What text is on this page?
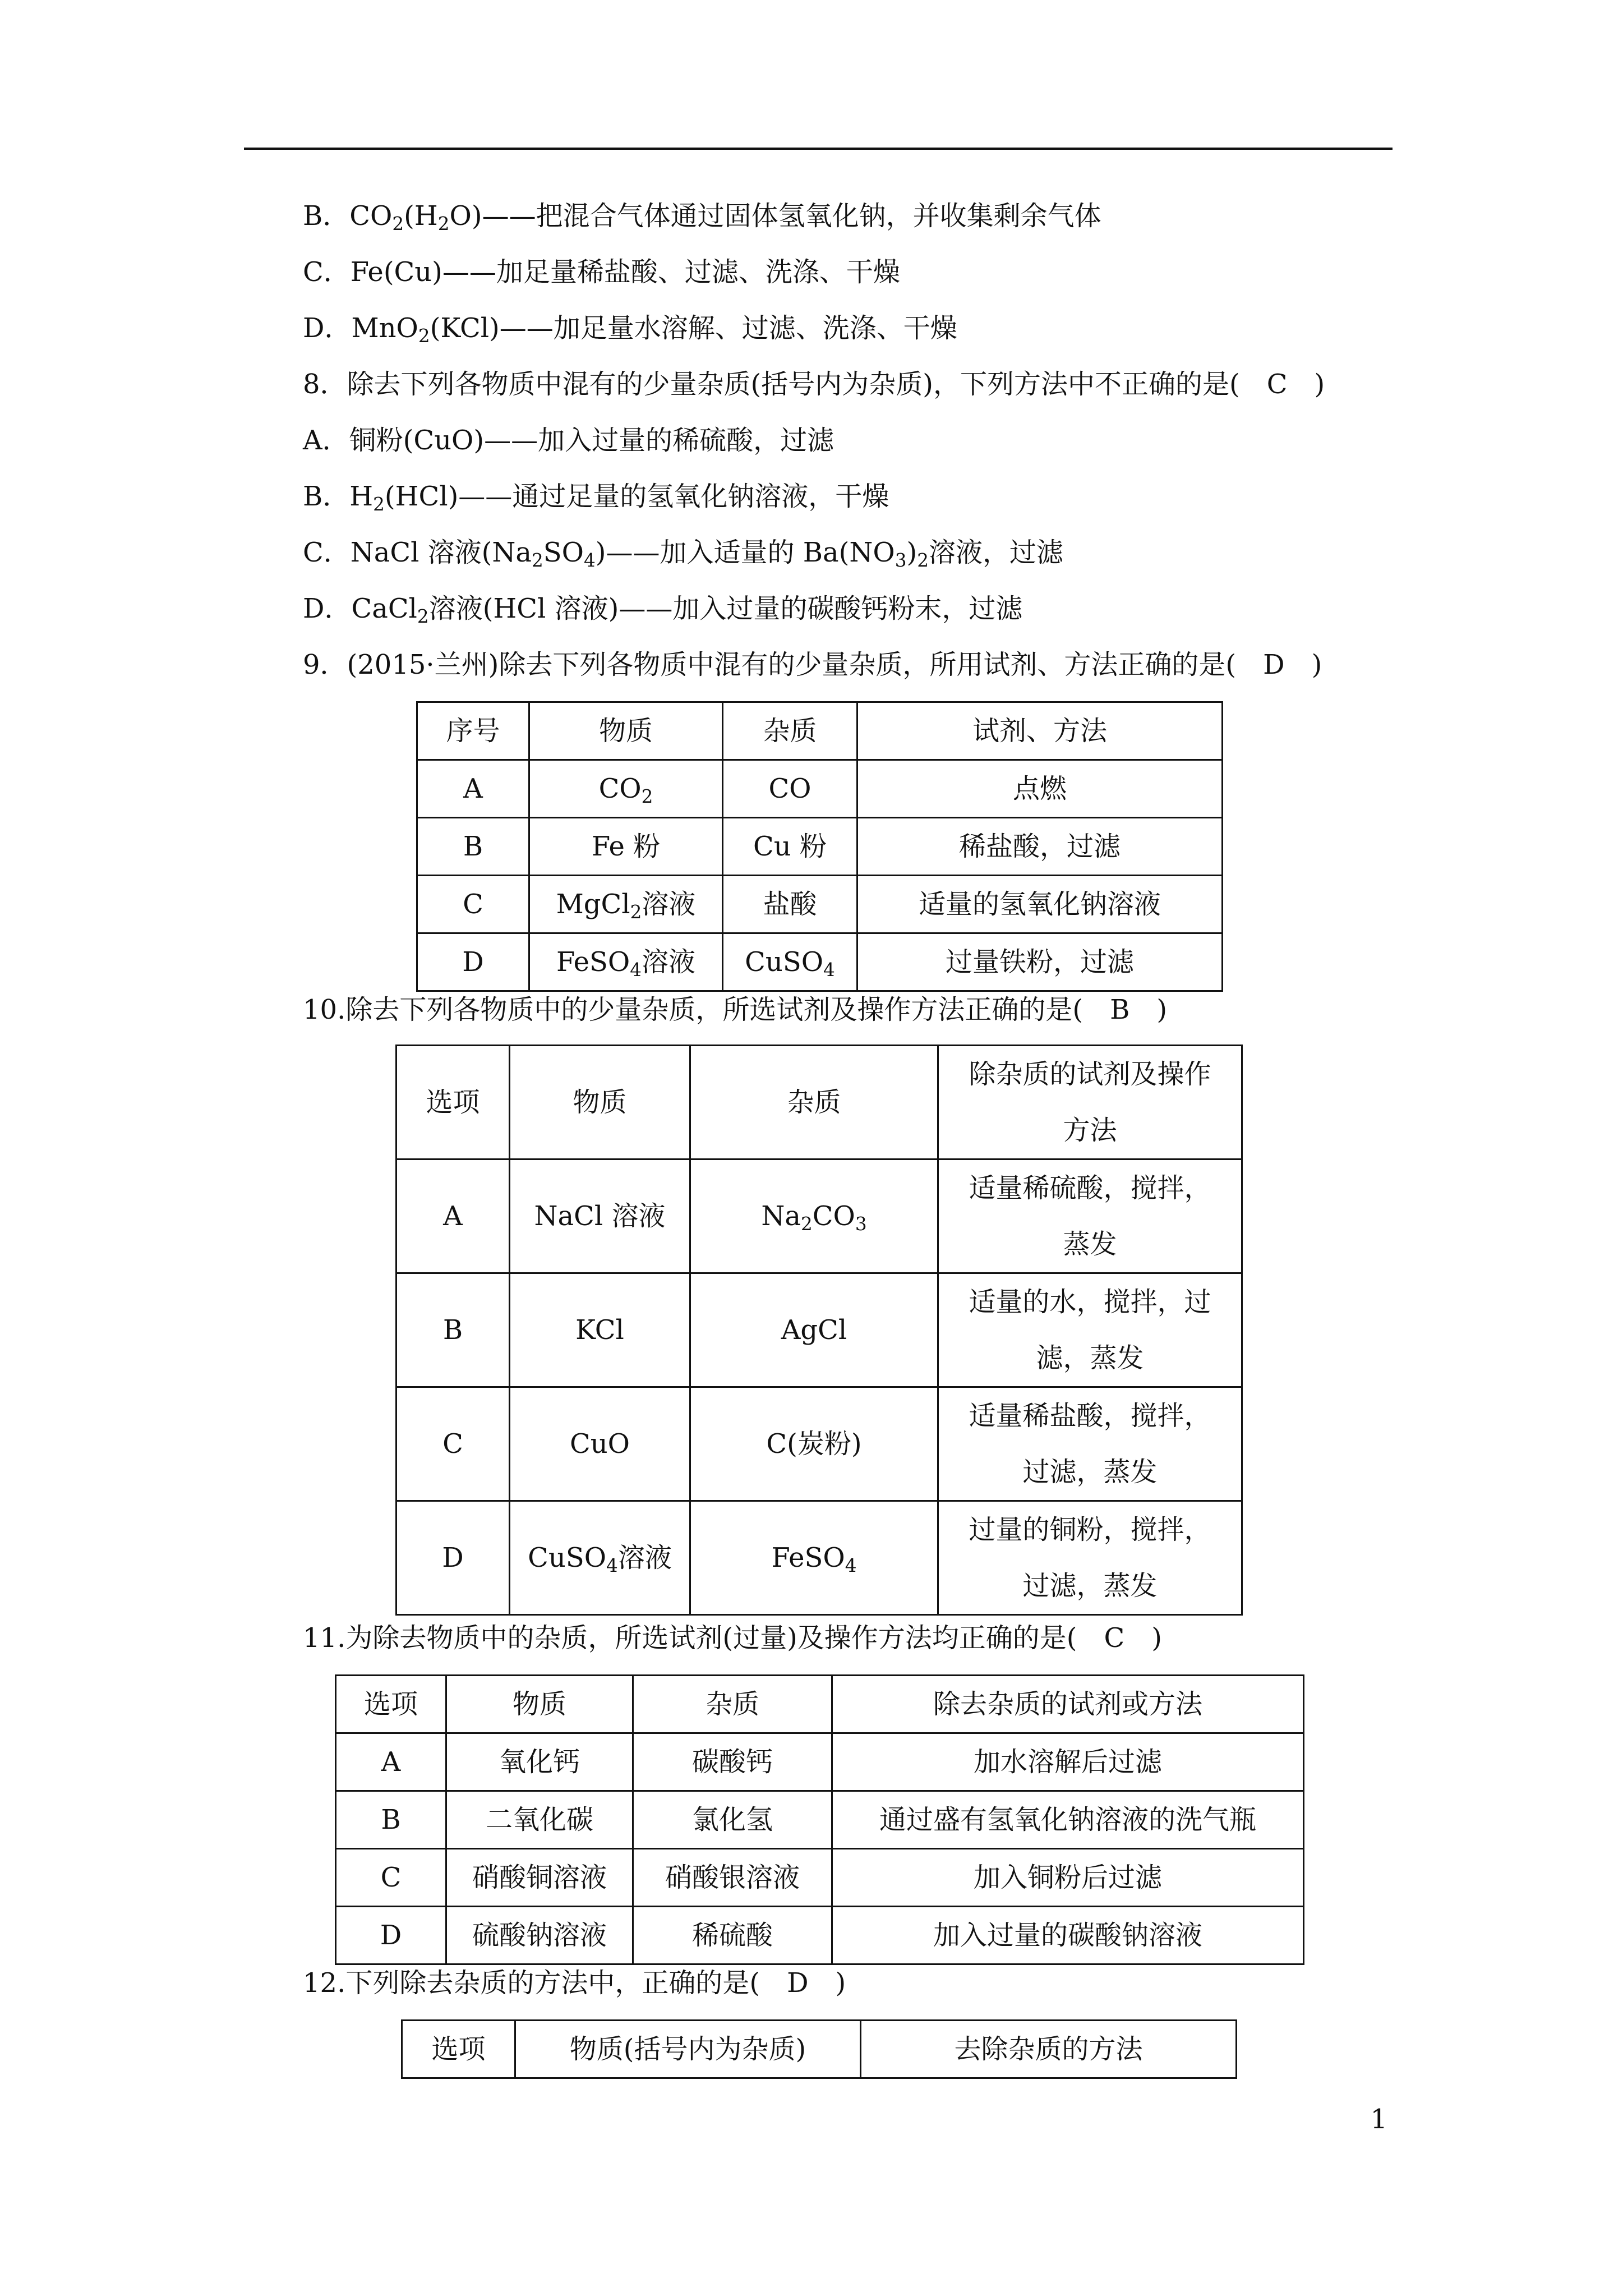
B．$CO_2(H_2O)——$把混合气体通过固体氢氧化钠，并收集剩余气体
C．Fe(Cu)——加足量稀盐酸、过滤、洗涤、干燥
D．MnO$_2$(KCl)——加足量水溶解、过滤、洗涤、干燥
8．除去下列各物质中混有的少量杂质(括号内为杂质)，下列方法中不正确的是(　C　)
A．铜粉(CuO)——加入过量的稀硫酸，过滤
B．$H_2(HCl)——$通过足量的氢氧化钠溶液，干燥
C．NaCl 溶液$(Na_2SO_4)——$加入适量的 $Ba(NO_3)_2$溶液，过滤
D．CaCl$_2$溶液(HCl 溶液)——加入过量的碳酸钙粉末，过滤
9．(2015·兰州)除去下列各物质中混有的少量杂质，所用试剂、方法正确的是(　D　)
序号	物质	杂质	试剂、方法
A	$CO_2$	CO	点燃
B	Fe 粉	Cu 粉	稀盐酸，过滤
C	MgCl$_2$溶液	盐酸	适量的氢氧化钠溶液
D	FeSO$_4$溶液	CuSO$_4$	过量铁粉，过滤
10.除去下列各物质中的少量杂质，所选试剂及操作方法正确的是(　B　)
选项	物质	杂质	除杂质的试剂及操作
方法
A	NaCl 溶液	$Na_2CO_3$	适量稀硫酸，搅拌，
蒸发
B	KCl	AgCl	适量的水，搅拌，过
滤，蒸发
C	CuO	C(炭粉)	适量稀盐酸，搅拌，
过滤，蒸发
D	CuSO$_4$溶液	FeSO$_4$	过量的铜粉，搅拌，
过滤，蒸发
11.为除去物质中的杂质，所选试剂(过量)及操作方法均正确的是(　C　)
选项	物质	杂质	除去杂质的试剂或方法
A	氧化钙	碳酸钙	加水溶解后过滤
B	二氧化碳	氯化氢	通过盛有氢氧化钠溶液的洗气瓶
C	硝酸铜溶液	硝酸银溶液	加入铜粉后过滤
D	硫酸钠溶液	稀硫酸	加入过量的碳酸钠溶液
12.下列除去杂质的方法中，正确的是(　D　)
选项	物质(括号内为杂质)	去除杂质的方法
1
